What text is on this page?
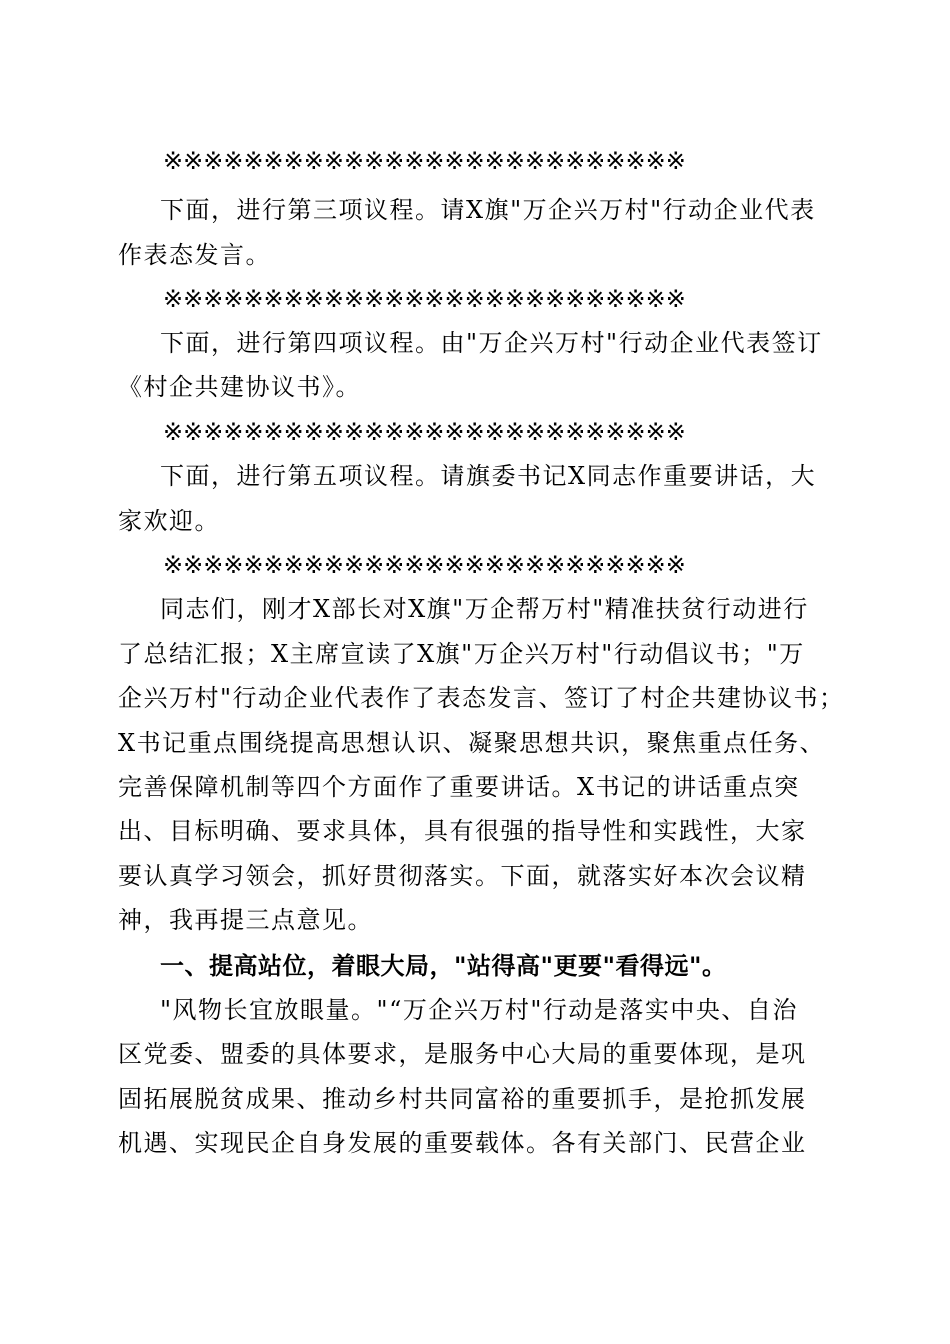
※※※※※※※※※※※※※※※※※※※※※※※※※※
下面，进行第三项议程。请X旗"万企兴万村"行动企业代表
作表态发言。
※※※※※※※※※※※※※※※※※※※※※※※※※※
下面，进行第四项议程。由"万企兴万村"行动企业代表签订
《村企共建协议书》。
※※※※※※※※※※※※※※※※※※※※※※※※※※
下面，进行第五项议程。请旗委书记X同志作重要讲话，大
家欢迎。
※※※※※※※※※※※※※※※※※※※※※※※※※※
同志们，刚才X部长对X旗"万企帮万村"精准扶贫行动进行
了总结汇报；X主席宣读了X旗"万企兴万村"行动倡议书；"万
企兴万村"行动企业代表作了表态发言、签订了村企共建协议书；
X书记重点围绕提高思想认识、凝聚思想共识，聚焦重点任务、
完善保障机制等四个方面作了重要讲话。X书记的讲话重点突
出、目标明确、要求具体，具有很强的指导性和实践性，大家
要认真学习领会，抓好贯彻落实。下面，就落实好本次会议精
神，我再提三点意见。
一、提高站位，着眼大局，"站得高"更要"看得远"。
"风物长宜放眼量。"“万企兴万村"行动是落实中央、自治
区党委、盟委的具体要求，是服务中心大局的重要体现，是巩
固拓展脱贫成果、推动乡村共同富裕的重要抓手，是抢抓发展
机遇、实现民企自身发展的重要载体。各有关部门、民营企业
